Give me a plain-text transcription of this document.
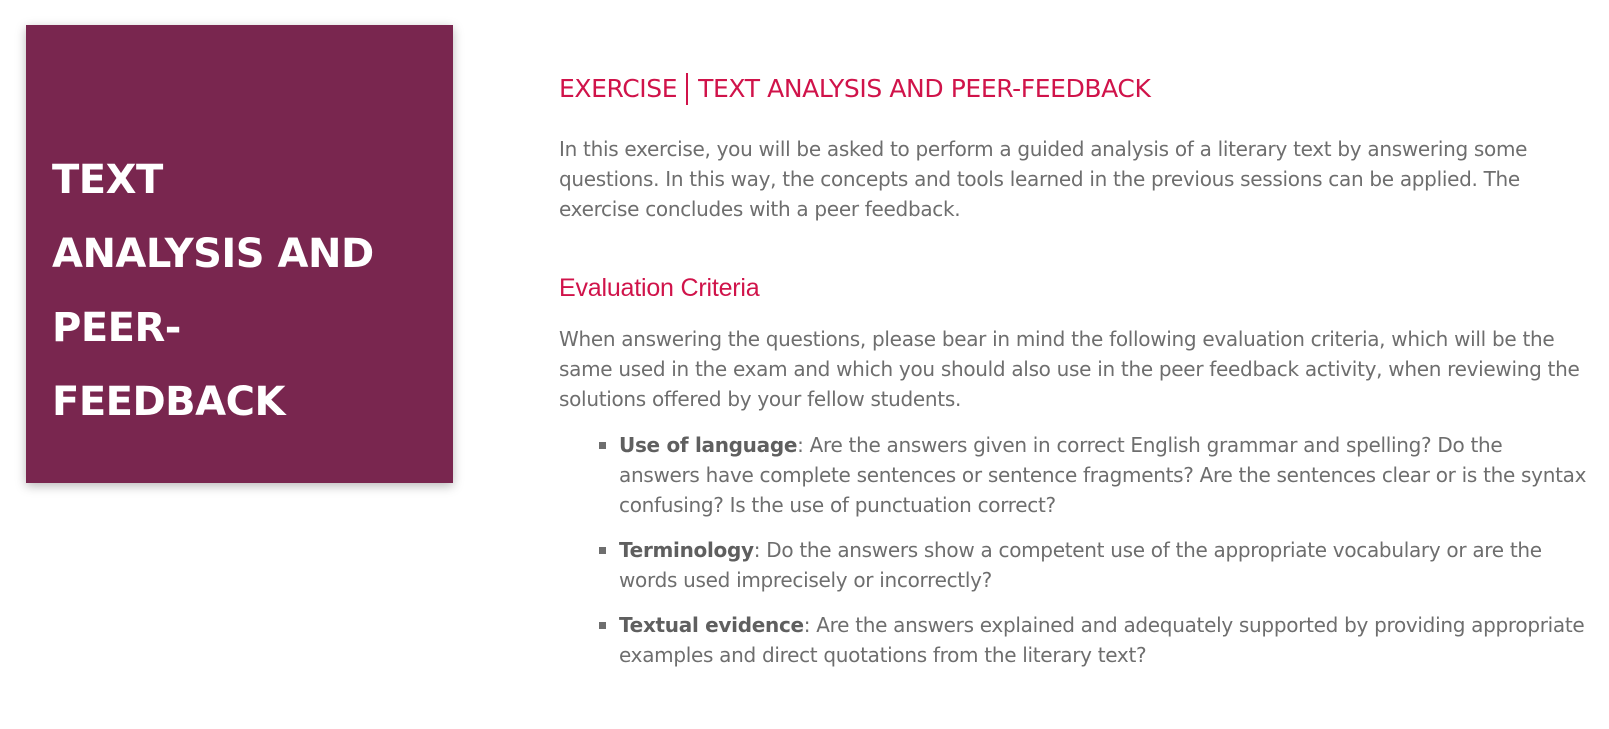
TEXT ANALYSIS AND PEER-FEEDBACK
EXERCISE TEXT ANALYSIS AND PEER-FEEDBACK

In this exercise, you will be asked to perform a guided analysis of a literary text by answering some questions. In this way, the concepts and tools learned in the previous sessions can be applied. The exercise concludes with a peer feedback.

Evaluation Criteria

When answering the questions, please bear in mind the following evaluation criteria, which will be the same used in the exam and which you should also use in the peer feedback activity, when reviewing the solutions offered by your fellow students.

Use of language: Are the answers given in correct English grammar and spelling? Do the answers have complete sentences or sentence fragments? Are the sentences clear or is the syntax confusing? Is the use of punctuation correct?
Terminology: Do the answers show a competent use of the appropriate vocabulary or are the words used imprecisely or incorrectly?
Textual evidence: Are the answers explained and adequately supported by providing appropriate examples and direct quotations from the literary text?
